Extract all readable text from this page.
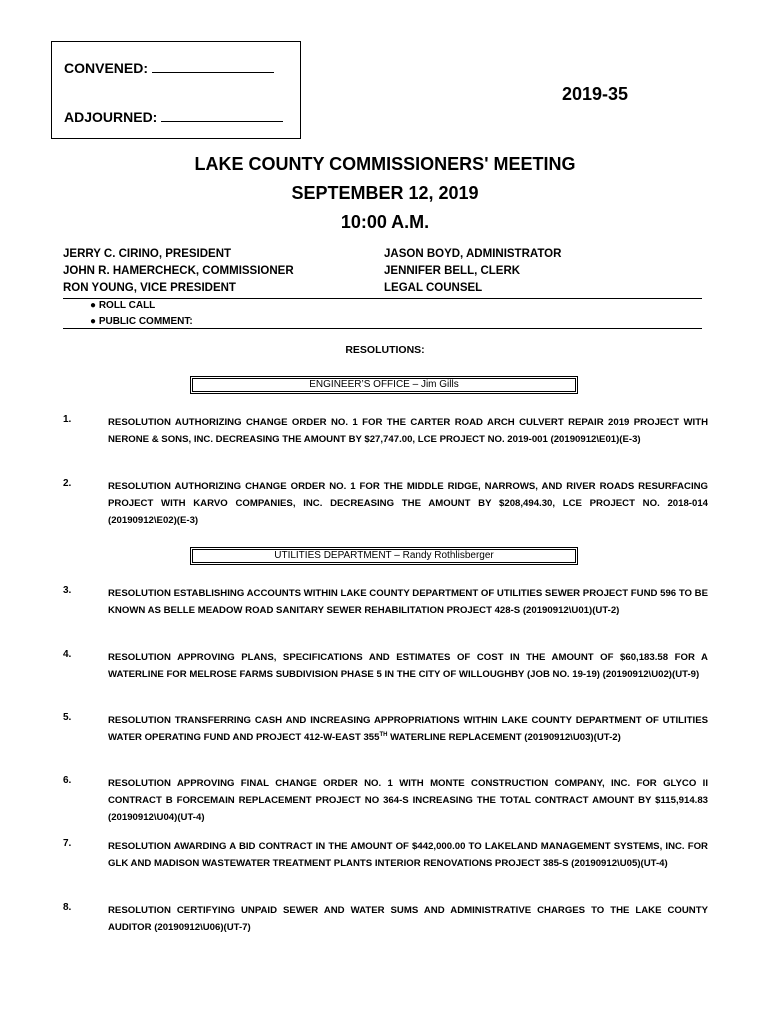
CONVENED:
ADJOURNED:
2019-35
LAKE COUNTY COMMISSIONERS' MEETING
SEPTEMBER 12, 2019
10:00 A.M.
JERRY C. CIRINO, PRESIDENT
JOHN R. HAMERCHECK, COMMISSIONER
RON YOUNG, VICE PRESIDENT
JASON BOYD, ADMINISTRATOR
JENNIFER BELL, CLERK
LEGAL COUNSEL
● ROLL CALL
● PUBLIC COMMENT:
RESOLUTIONS:
ENGINEER’S OFFICE – Jim Gills
1.	RESOLUTION AUTHORIZING CHANGE ORDER NO. 1 FOR THE CARTER ROAD ARCH CULVERT REPAIR 2019 PROJECT WITH NERONE & SONS, INC. DECREASING THE AMOUNT BY $27,747.00, LCE PROJECT NO. 2019-001 (20190912\E01)(E-3)
2.	RESOLUTION AUTHORIZING CHANGE ORDER NO. 1 FOR THE MIDDLE RIDGE, NARROWS, AND RIVER ROADS RESURFACING PROJECT WITH KARVO COMPANIES, INC. DECREASING THE AMOUNT BY $208,494.30, LCE PROJECT NO. 2018-014 (20190912\E02)(E-3)
UTILITIES DEPARTMENT – Randy Rothlisberger
3.	RESOLUTION ESTABLISHING ACCOUNTS WITHIN LAKE COUNTY DEPARTMENT OF UTILITIES SEWER PROJECT FUND 596 TO BE KNOWN AS BELLE MEADOW ROAD SANITARY SEWER REHABILITATION PROJECT 428-S (20190912\U01)(UT-2)
4.	RESOLUTION APPROVING PLANS, SPECIFICATIONS AND ESTIMATES OF COST IN THE AMOUNT OF $60,183.58 FOR A WATERLINE FOR MELROSE FARMS SUBDIVISION PHASE 5 IN THE CITY OF WILLOUGHBY (JOB NO. 19-19) (20190912\U02)(UT-9)
5.	RESOLUTION TRANSFERRING CASH AND INCREASING APPROPRIATIONS WITHIN LAKE COUNTY DEPARTMENT OF UTILITIES WATER OPERATING FUND AND PROJECT 412-W-EAST 355TH WATERLINE REPLACEMENT (20190912\U03)(UT-2)
6.	RESOLUTION APPROVING FINAL CHANGE ORDER NO. 1 WITH MONTE CONSTRUCTION COMPANY, INC. FOR GLYCO II CONTRACT B FORCEMAIN REPLACEMENT PROJECT NO 364-S INCREASING THE TOTAL CONTRACT AMOUNT BY $115,914.83 (20190912\U04)(UT-4)
7.	RESOLUTION AWARDING A BID CONTRACT IN THE AMOUNT OF $442,000.00 TO LAKELAND MANAGEMENT SYSTEMS, INC. FOR GLK AND MADISON WASTEWATER TREATMENT PLANTS INTERIOR RENOVATIONS PROJECT 385-S (20190912\U05)(UT-4)
8.	RESOLUTION CERTIFYING UNPAID SEWER AND WATER SUMS AND ADMINISTRATIVE CHARGES TO THE LAKE COUNTY AUDITOR (20190912\U06)(UT-7)
